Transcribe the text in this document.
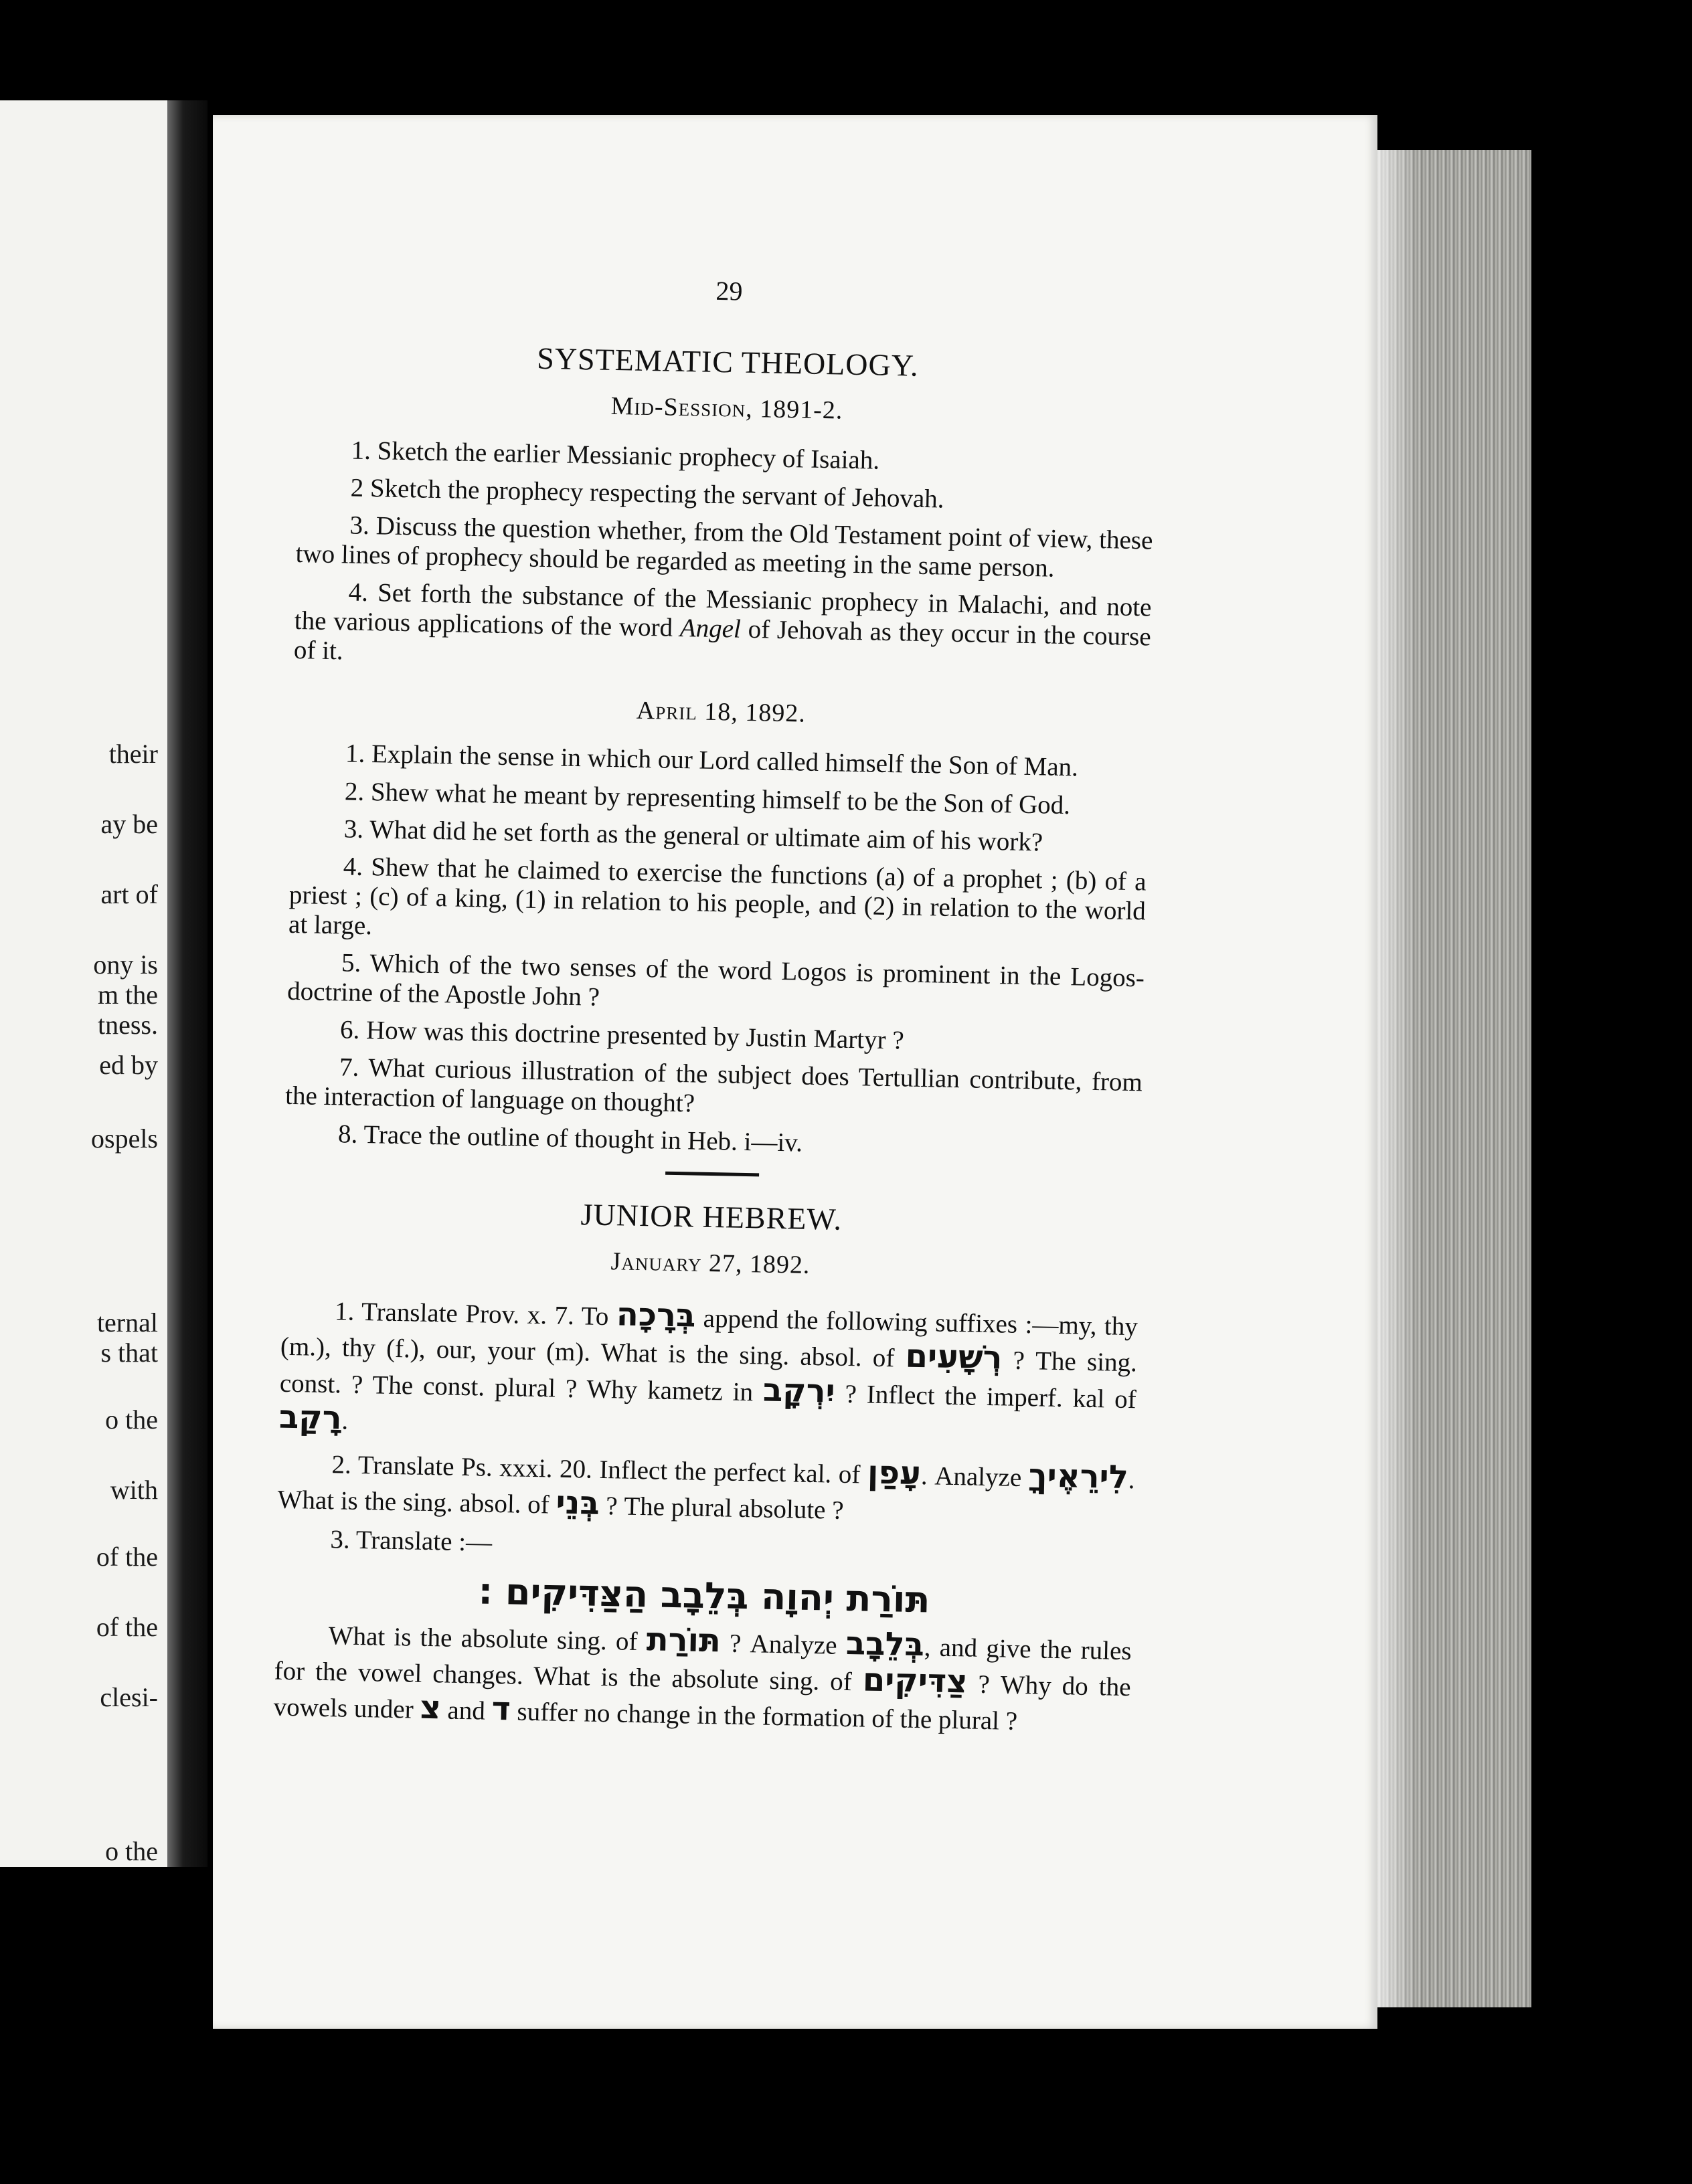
their
ay be
art of
ony is
m the
tness.
ed by
ospels
ternal
s that
o the
with
of the
of the
clesi-
o the
29
SYSTEMATIC THEOLOGY.
Mid-Session, 1891-2.

1. Sketch the earlier Messianic prophecy of Isaiah.

2 Sketch the prophecy respecting the servant of Jehovah.

3. Discuss the question whether, from the Old Testament point of view, these two lines of prophecy should be regarded as meeting in the same person.

4. Set forth the substance of the Messianic prophecy in Malachi, and note the various applications of the word Angel of Jehovah as they occur in the course of it.

April 18, 1892.

1. Explain the sense in which our Lord called himself the Son of Man.

2. Shew what he meant by representing himself to be the Son of God.

3. What did he set forth as the general or ultimate aim of his work?

4. Shew that he claimed to exercise the functions (a) of a prophet ; (b) of a priest ; (c) of a king, (1) in relation to his people, and (2) in relation to the world at large.

5. Which of the two senses of the word Logos is prominent in the Logos-doctrine of the Apostle John ?

6. How was this doctrine presented by Justin Martyr ?

7. What curious illustration of the subject does Tertullian contribute, from the interaction of language on thought?

8. Trace the outline of thought in Heb. i—iv.

JUNIOR HEBREW.
January 27, 1892.

1. Translate Prov. x. 7. To בְּרָכָה append the following suffixes :—my, thy (m.), thy (f.), our, your (m). What is the sing. absol. of רְשָׁעִים ? The sing. const. ? The const. plural ? Why kametz in יִרְקָב ? Inflect the imperf. kal of רָקַב.

2. Translate Ps. xxxi. 20. Inflect the perfect kal. of עָפַן. Analyze לִירֵאֶיךָ. What is the sing. absol. of בְּנֵי ? The plural absolute ?

3. Translate :—

תּוֹרַת יְהוָה בְּלֵבָב הַצַּדִּיקִים :

What is the absolute sing. of תּוֹרַת ? Analyze בְּלֵבָב, and give the rules for the vowel changes. What is the absolute sing. of צַדִּיקִים ? Why do the vowels under צ and ד suffer no change in the formation of the plural ?
